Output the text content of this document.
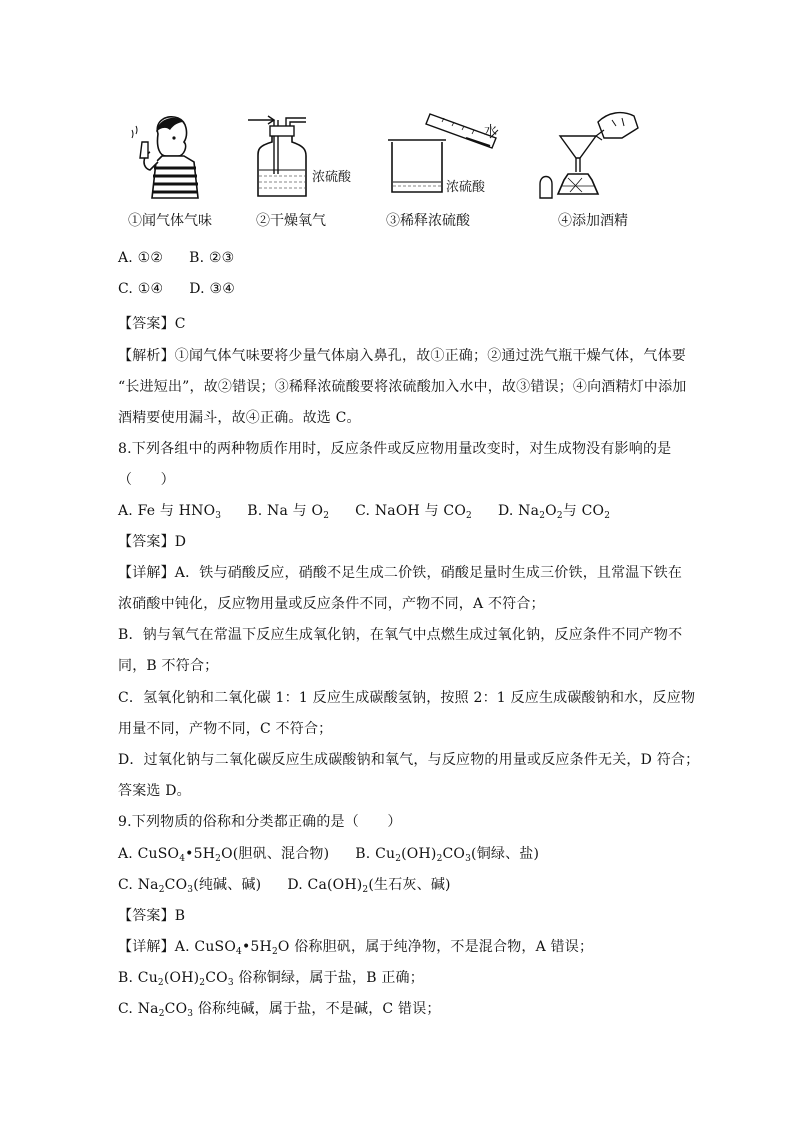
①闻气体气味
浓硫酸
②干燥氧气
水
浓硫酸
③稀释浓硫酸	④添加酒精
A. ①② B. ②③
C. ①④ D. ③④
【答案】C
【解析】①闻气体气味要将少量气体扇入鼻孔，故①正确；②通过洗气瓶干燥气体，气体要
“长进短出”，故②错误；③稀释浓硫酸要将浓硫酸加入水中，故③错误；④向酒精灯中添加
酒精要使用漏斗，故④正确。故选 C。
8.下列各组中的两种物质作用时，反应条件或反应物用量改变时，对生成物没有影响的是
（　　）
A. Fe 与 $HNO_3$ B. Na 与 $O_2$ C. NaOH 与 $CO_2$ D. $Na_2O_2$与 $CO_2$
【答案】D
【详解】A．铁与硝酸反应，硝酸不足生成二价铁，硝酸足量时生成三价铁，且常温下铁在
浓硝酸中钝化，反应物用量或反应条件不同，产物不同，A 不符合；
B．钠与氧气在常温下反应生成氧化钠，在氧气中点燃生成过氧化钠，反应条件不同产物不
同，B 不符合；
C．氢氧化钠和二氧化碳 1：1 反应生成碳酸氢钠，按照 2：1 反应生成碳酸钠和水，反应物
用量不同，产物不同，C 不符合；
D．过氧化钠与二氧化碳反应生成碳酸钠和氧气，与反应物的用量或反应条件无关，D 符合；
答案选 D。
9.下列物质的俗称和分类都正确的是（　　）
A. $CuSO_4•5H_2O$(胆矾、混合物) B. $Cu_2(OH)_2CO_3$(铜绿、盐)
C. $Na_2CO_3$(纯碱、碱) D. $Ca(OH)_2$(生石灰、碱)
【答案】B
【详解】A. $CuSO_4•5H_2O$ 俗称胆矾，属于纯净物，不是混合物，A 错误；
B. $Cu_2(OH)_2CO_3$ 俗称铜绿，属于盐，B 正确；
C. $Na_2CO_3$ 俗称纯碱，属于盐，不是碱，C 错误；
